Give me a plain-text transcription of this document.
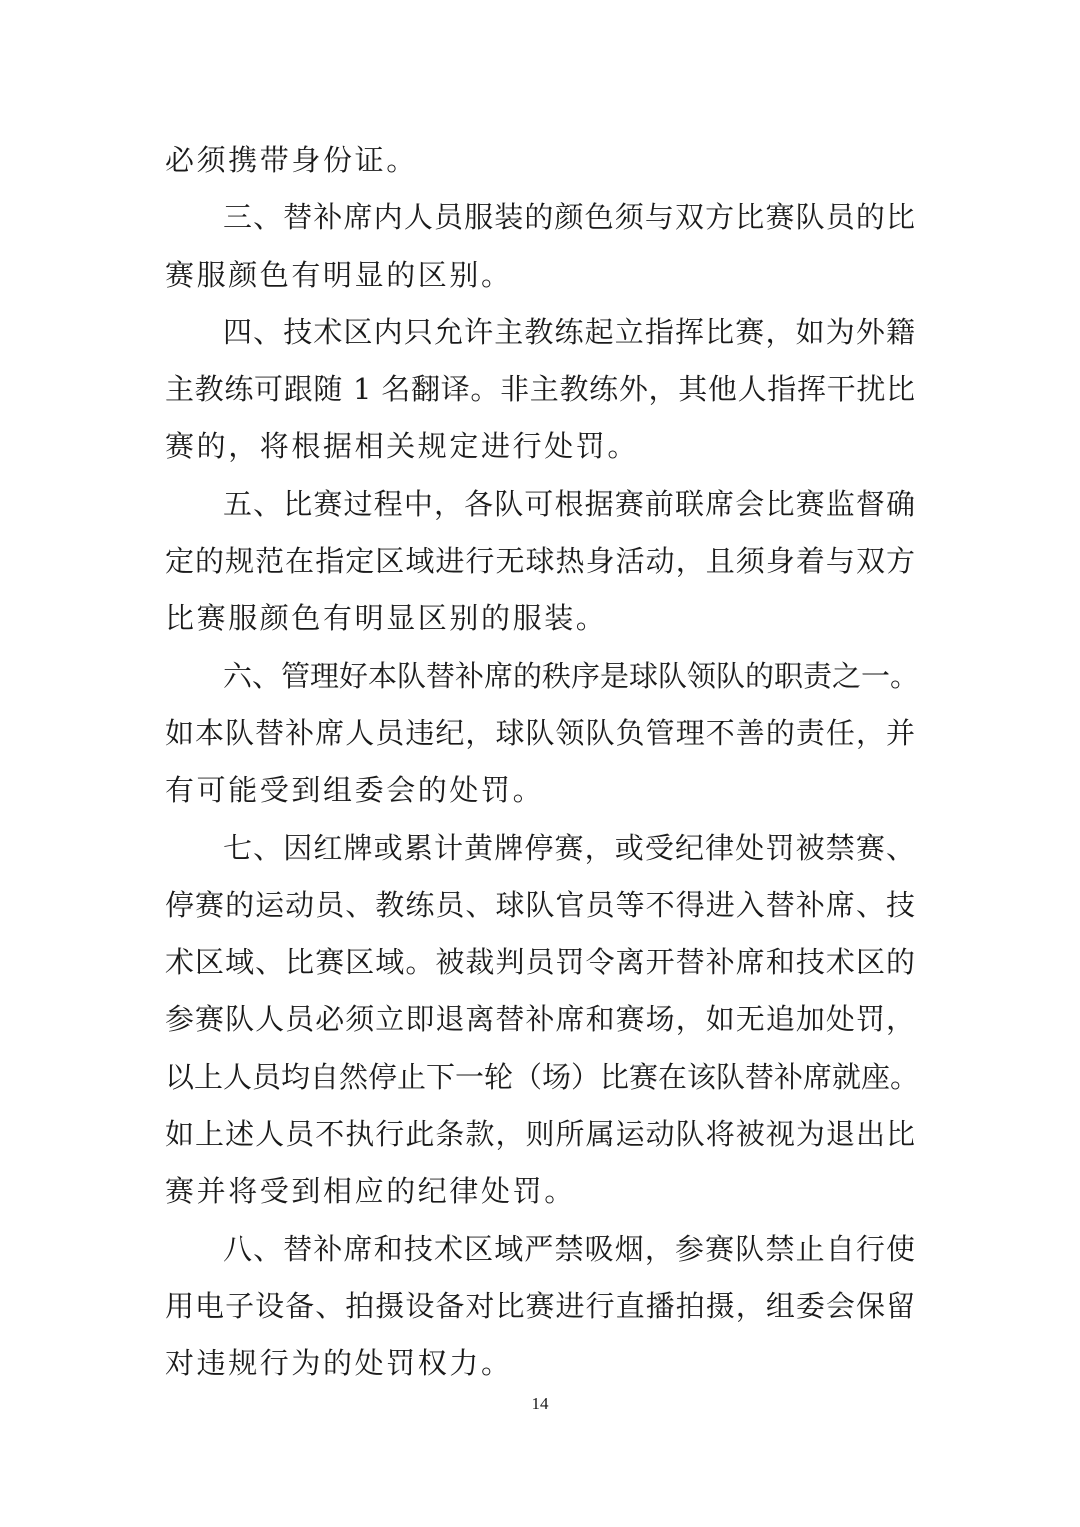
必须携带身份证。
三、替补席内人员服装的颜色须与双方比赛队员的比
赛服颜色有明显的区别。
四、技术区内只允许主教练起立指挥比赛，如为外籍
主教练可跟随 1 名翻译。非主教练外，其他人指挥干扰比
赛的，将根据相关规定进行处罚。
五、比赛过程中，各队可根据赛前联席会比赛监督确
定的规范在指定区域进行无球热身活动，且须身着与双方
比赛服颜色有明显区别的服装。
六、管理好本队替补席的秩序是球队领队的职责之一。
如本队替补席人员违纪，球队领队负管理不善的责任，并
有可能受到组委会的处罚。
七、因红牌或累计黄牌停赛，或受纪律处罚被禁赛、
停赛的运动员、教练员、球队官员等不得进入替补席、技
术区域、比赛区域。被裁判员罚令离开替补席和技术区的
参赛队人员必须立即退离替补席和赛场，如无追加处罚，
以上人员均自然停止下一轮（场）比赛在该队替补席就座。
如上述人员不执行此条款，则所属运动队将被视为退出比
赛并将受到相应的纪律处罚。
八、替补席和技术区域严禁吸烟，参赛队禁止自行使
用电子设备、拍摄设备对比赛进行直播拍摄，组委会保留
对违规行为的处罚权力。
14
